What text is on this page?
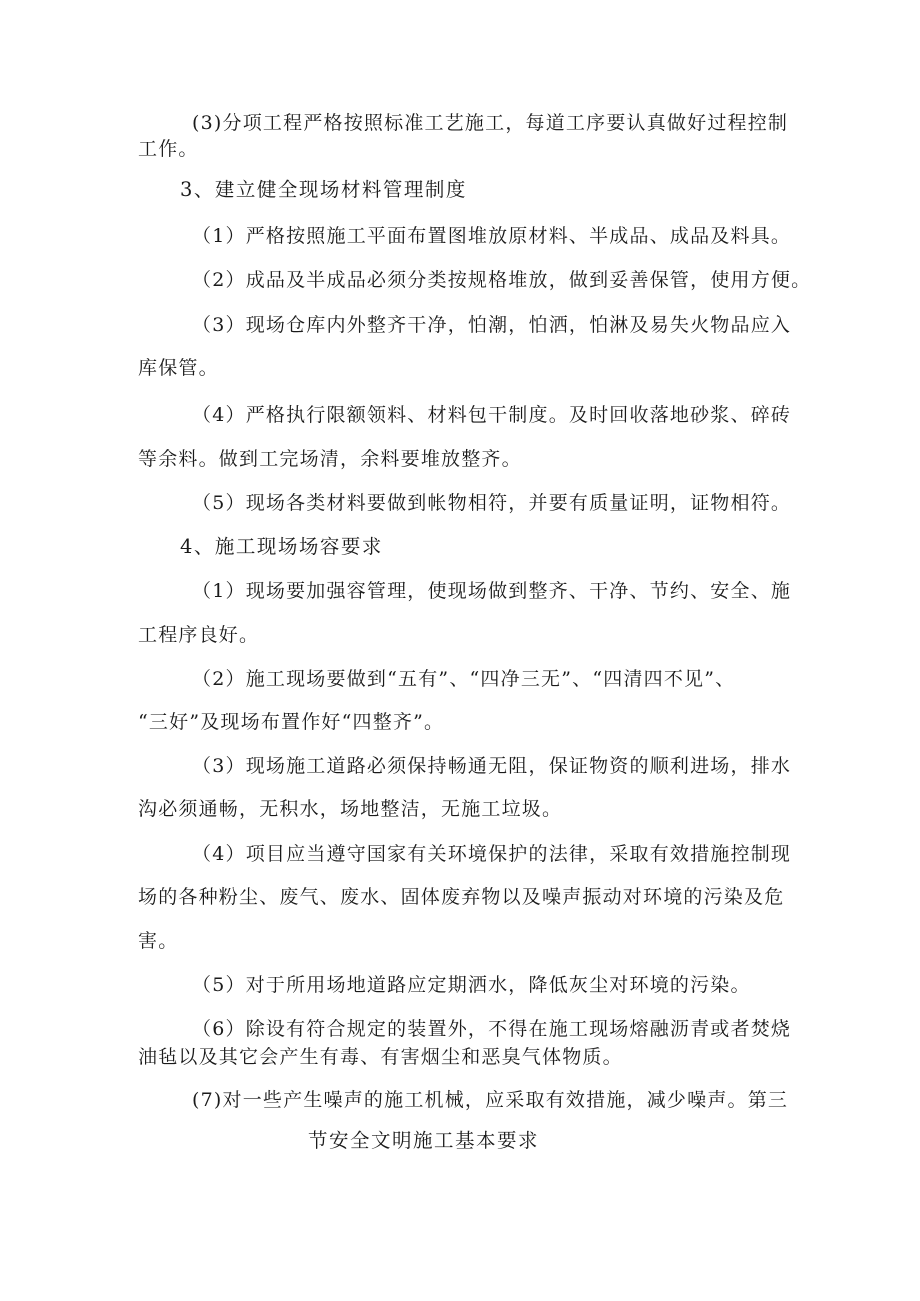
(3)分项工程严格按照标准工艺施工，每道工序要认真做好过程控制
工作。
3、建立健全现场材料管理制度
（1）严格按照施工平面布置图堆放原材料、半成品、成品及料具。
（2）成品及半成品必须分类按规格堆放，做到妥善保管，使用方便。
（3）现场仓库内外整齐干净，怕潮，怕洒，怕淋及易失火物品应入
库保管。
（4）严格执行限额领料、材料包干制度。及时回收落地砂浆、碎砖
等余料。做到工完场清，余料要堆放整齐。
（5）现场各类材料要做到帐物相符，并要有质量证明，证物相符。
4、施工现场场容要求
（1）现场要加强容管理，使现场做到整齐、干净、节约、安全、施
工程序良好。
（2）施工现场要做到“五有”、“四净三无”、“四清四不见”、
“三好”及现场布置作好“四整齐”。
（3）现场施工道路必须保持畅通无阻，保证物资的顺利进场，排水
沟必须通畅，无积水，场地整洁，无施工垃圾。
（4）项目应当遵守国家有关环境保护的法律，采取有效措施控制现
场的各种粉尘、废气、废水、固体废弃物以及噪声振动对环境的污染及危
害。
（5）对于所用场地道路应定期洒水，降低灰尘对环境的污染。
（6）除设有符合规定的装置外，不得在施工现场熔融沥青或者焚烧
油毡以及其它会产生有毒、有害烟尘和恶臭气体物质。
(7)对一些产生噪声的施工机械，应采取有效措施，减少噪声。第三
节安全文明施工基本要求
